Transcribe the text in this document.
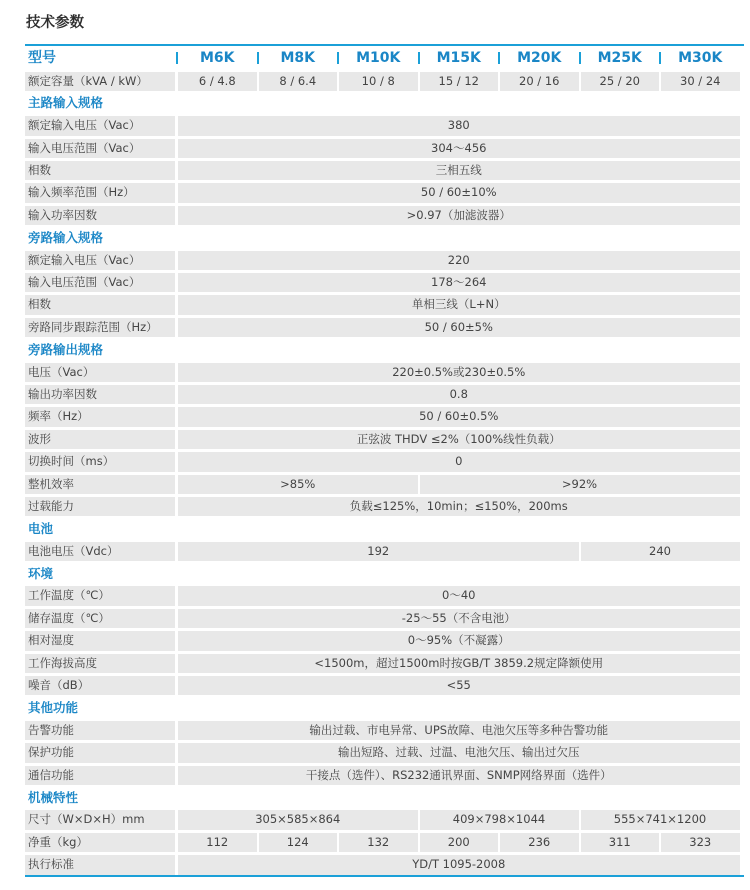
技术参数
型号	M6K	M8K	M10K	M15K	M20K	M25K	M30K
额定容量（kVA / kW）	6 / 4.8	8 / 6.4	10 / 8	15 / 12	20 / 16	25 / 20	30 / 24
主路输入规格
额定输入电压（Vac）	380
输入电压范围（Vac）	304～456
相数	三相五线
输入频率范围（Hz）	50 / 60±10%
输入功率因数	>0.97（加滤波器）
旁路输入规格
额定输入电压（Vac）	220
输入电压范围（Vac）	178～264
相数	单相三线（L+N）
旁路同步跟踪范围（Hz）	50 / 60±5%
旁路输出规格
电压（Vac）	220±0.5%或230±0.5%
输出功率因数	0.8
频率（Hz）	50 / 60±0.5%
波形	正弦波 THDV ≤2%（100%线性负载）
切换时间（ms）	0
整机效率	>85%	>92%
过载能力	负载≤125%，10min；≤150%，200ms
电池
电池电压（Vdc）	192	240
环境
工作温度（℃）	0～40
储存温度（℃）	-25～55（不含电池）
相对湿度	0～95%（不凝露）
工作海拔高度	<1500m，超过1500m时按GB/T 3859.2规定降额使用
噪音（dB）	<55
其他功能
告警功能	输出过载、市电异常、UPS故障、电池欠压等多种告警功能
保护功能	输出短路、过载、过温、电池欠压、输出过欠压
通信功能	干接点（选件）、RS232通讯界面、SNMP网络界面（选件）
机械特性
尺寸（W×D×H）mm	305×585×864	409×798×1044	555×741×1200
净重（kg）	112	124	132	200	236	311	323
执行标准	YD/T 1095-2008
